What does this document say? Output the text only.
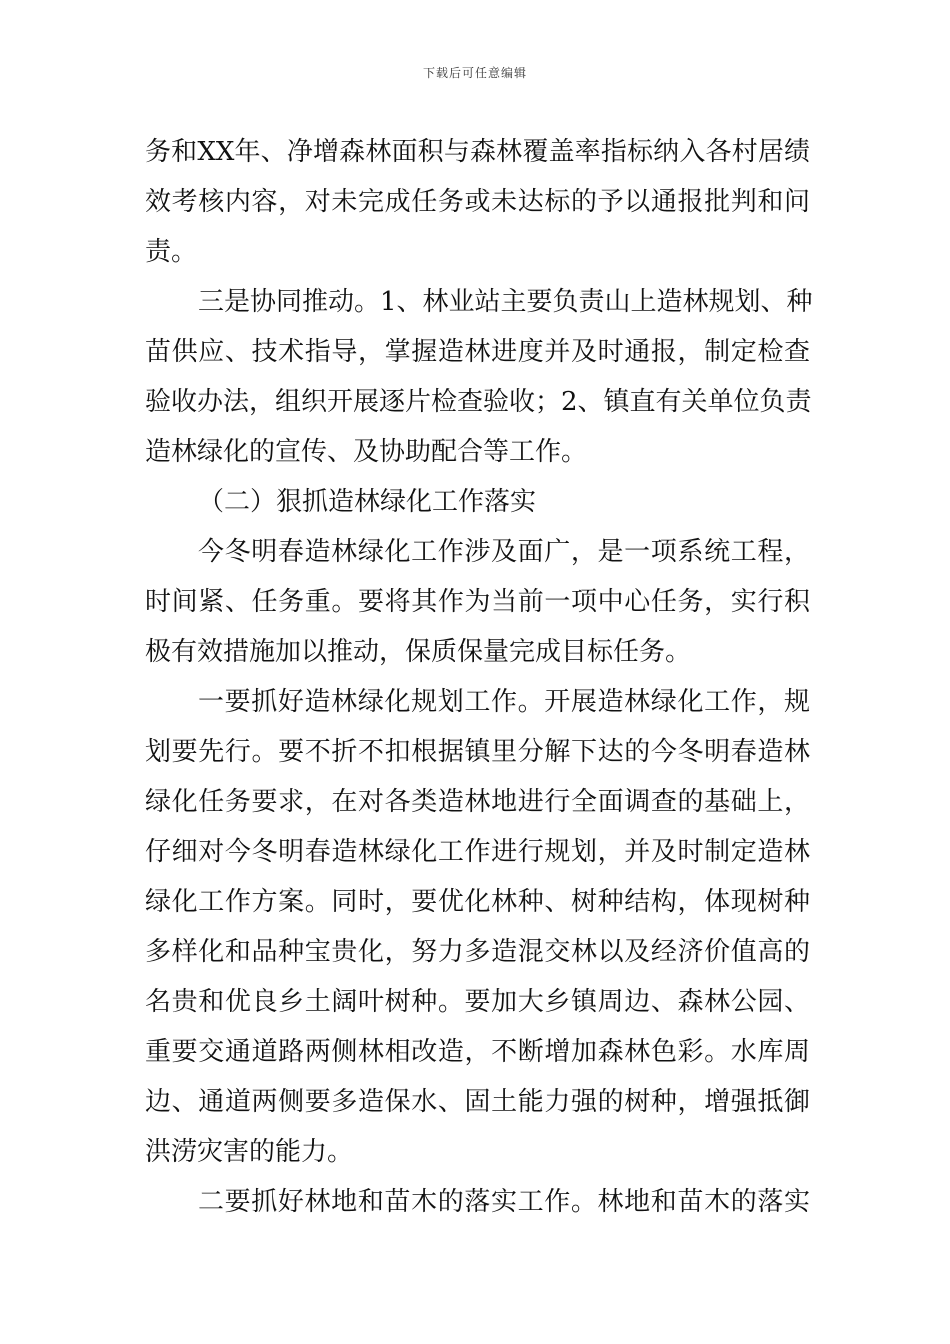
下载后可任意编辑
务和XX年、净增森林面积与森林覆盖率指标纳入各村居绩
效考核内容，对未完成任务或未达标的予以通报批判和问
责。
三是协同推动。1、林业站主要负责山上造林规划、种
苗供应、技术指导，掌握造林进度并及时通报，制定检查
验收办法，组织开展逐片检查验收；2、镇直有关单位负责
造林绿化的宣传、及协助配合等工作。
（二）狠抓造林绿化工作落实
今冬明春造林绿化工作涉及面广，是一项系统工程，
时间紧、任务重。要将其作为当前一项中心任务，实行积
极有效措施加以推动，保质保量完成目标任务。
一要抓好造林绿化规划工作。开展造林绿化工作，规
划要先行。要不折不扣根据镇里分解下达的今冬明春造林
绿化任务要求，在对各类造林地进行全面调查的基础上，
仔细对今冬明春造林绿化工作进行规划，并及时制定造林
绿化工作方案。同时，要优化林种、树种结构，体现树种
多样化和品种宝贵化，努力多造混交林以及经济价值高的
名贵和优良乡土阔叶树种。要加大乡镇周边、森林公园、
重要交通道路两侧林相改造，不断增加森林色彩。水库周
边、通道两侧要多造保水、固土能力强的树种，增强抵御
洪涝灾害的能力。
二要抓好林地和苗木的落实工作。林地和苗木的落实
